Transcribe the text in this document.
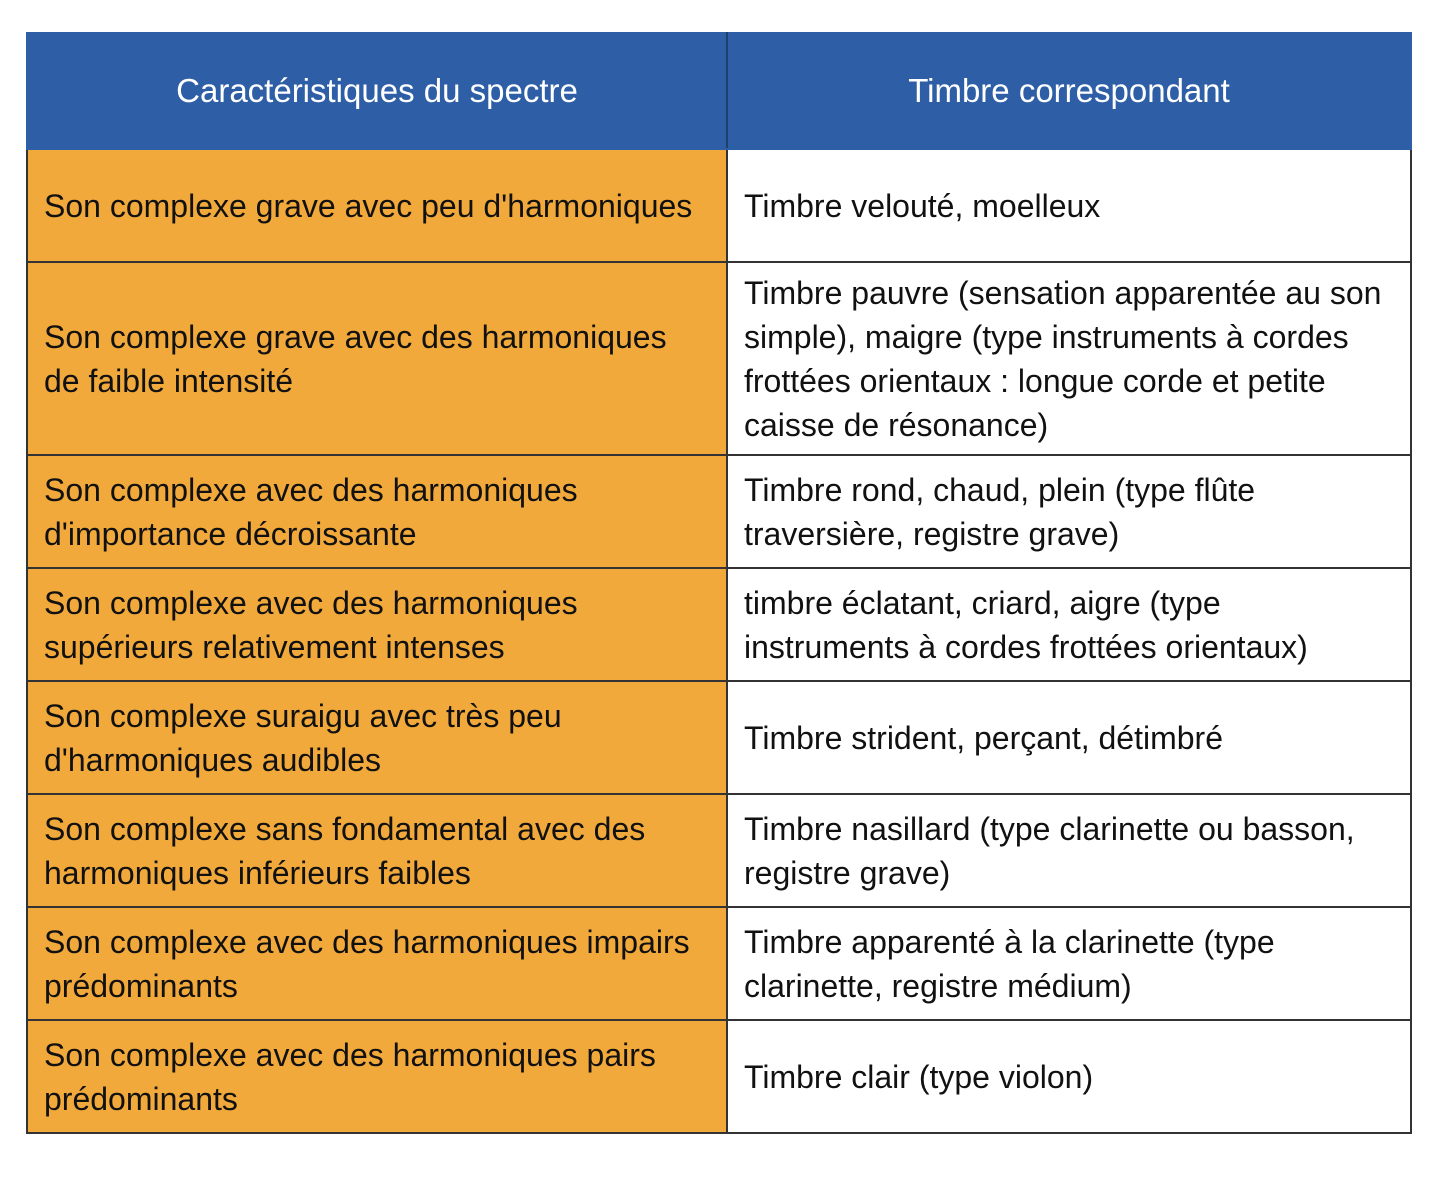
Caractéristiques du spectre	Timbre correspondant
Son complexe grave avec peu d'harmoniques	Timbre velouté, moelleux
Son complexe grave avec des harmoniques de faible intensité	Timbre pauvre (sensation apparentée au son simple), maigre (type instruments à cordes frottées orientaux : longue corde et petite caisse de résonance)
Son complexe avec des harmoniques d'importance décroissante	Timbre rond, chaud, plein (type flûte traversière, registre grave)
Son complexe avec des harmoniques supérieurs relativement intenses	timbre éclatant, criard, aigre (type instruments à cordes frottées orientaux)
Son complexe suraigu avec très peu d'harmoniques audibles	Timbre strident, perçant, détimbré
Son complexe sans fondamental avec des harmoniques inférieurs faibles	Timbre nasillard (type clarinette ou basson, registre grave)
Son complexe avec des harmoniques impairs prédominants	Timbre apparenté à la clarinette (type clarinette, registre médium)
Son complexe avec des harmoniques pairs prédominants	Timbre clair (type violon)
